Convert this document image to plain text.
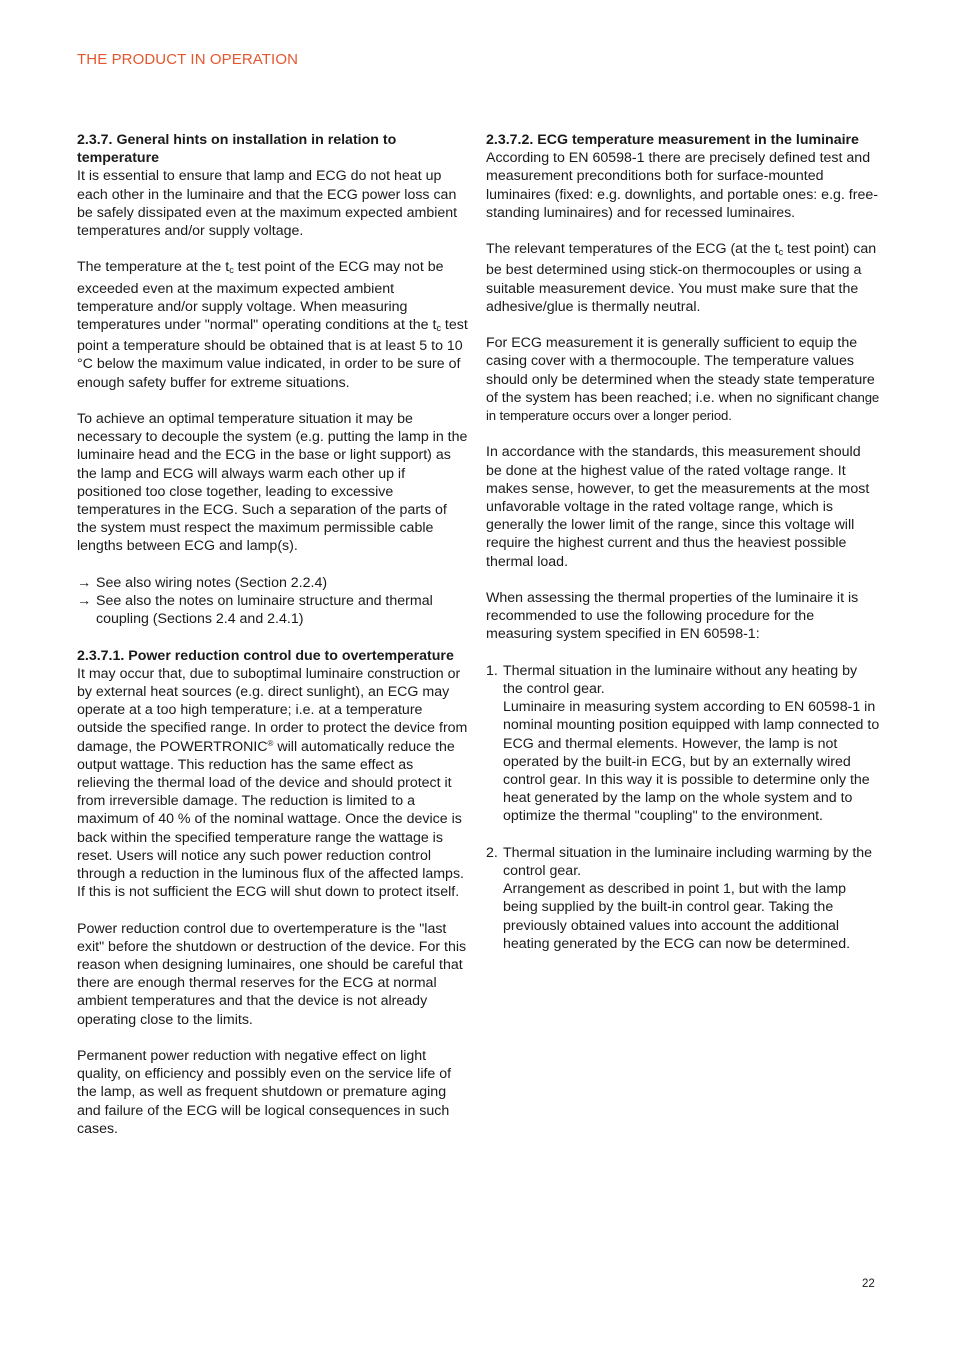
THE PRODUCT IN OPERATION
2.3.7. General hints on installation in relation to temperature

It is essential to ensure that lamp and ECG do not heat up each other in the luminaire and that the ECG power loss can be safely dissipated even at the maximum expected ambient temperatures and/or supply voltage.

The temperature at the $t_c$ test point of the ECG may not be exceeded even at the maximum expected ambient temperature and/or supply voltage. When measuring temperatures under "normal" operating conditions at the $t_c$ test point a temperature should be obtained that is at least 5 to 10 °C below the maximum value indicated, in order to be sure of enough safety buffer for extreme situations.

To achieve an optimal temperature situation it may be necessary to decouple the system (e.g. putting the lamp in the luminaire head and the ECG in the base or light support) as the lamp and ECG will always warm each other up if positioned too close together, leading to excessive temperatures in the ECG. Such a separation of the parts of the system must respect the maximum permissible cable lengths between ECG and lamp(s).

→ See also wiring notes (Section 2.2.4)
→ See also the notes on luminaire structure and thermal coupling (Sections 2.4 and 2.4.1)
2.3.7.1. Power reduction control due to overtemperature

It may occur that, due to suboptimal luminaire construction or by external heat sources (e.g. direct sunlight), an ECG may operate at a too high temperature; i.e. at a temperature outside the specified range. In order to protect the device from damage, the POWERTRONIC® will automatically reduce the output wattage. This reduction has the same effect as relieving the thermal load of the device and should protect it from irreversible damage. The reduction is limited to a maximum of 40 % of the nominal wattage. Once the device is back within the specified temperature range the wattage is reset. Users will notice any such power reduction control through a reduction in the luminous flux of the affected lamps. If this is not sufficient the ECG will shut down to protect itself.

Power reduction control due to overtemperature is the "last exit" before the shutdown or destruction of the device. For this reason when designing luminaires, one should be careful that there are enough thermal reserves for the ECG at normal ambient temperatures and that the device is not already operating close to the limits.

Permanent power reduction with negative effect on light quality, on efficiency and possibly even on the service life of the lamp, as well as frequent shutdown or premature aging and failure of the ECG will be logical consequences in such cases.

2.3.7.2. ECG temperature measurement in the luminaire

According to EN 60598-1 there are precisely defined test and measurement preconditions both for surface-mounted luminaires (fixed: e.g. downlights, and portable ones: e.g. free-standing luminaires) and for recessed luminaires.

The relevant temperatures of the ECG (at the $t_c$ test point) can be best determined using stick-on thermocouples or using a suitable measurement device. You must make sure that the adhesive/glue is thermally neutral.

For ECG measurement it is generally sufficient to equip the casing cover with a thermocouple. The temperature values should only be determined when the steady state temperature of the system has been reached; i.e. when no significant change in temperature occurs over a longer period.

In accordance with the standards, this measurement should be done at the highest value of the rated voltage range. It makes sense, however, to get the measurements at the most unfavorable voltage in the rated voltage range, which is generally the lower limit of the range, since this voltage will require the highest current and thus the heaviest possible thermal load.

When assessing the thermal properties of the luminaire it is recommended to use the following procedure for the measuring system specified in EN 60598-1:

1. Thermal situation in the luminaire without any heating by the control gear.
Luminaire in measuring system according to EN 60598-1 in nominal mounting position equipped with lamp connected to ECG and thermal elements. However, the lamp is not operated by the built-in ECG, but by an externally wired control gear. In this way it is possible to determine only the heat generated by the lamp on the whole system and to optimize the thermal "coupling" to the environment.
2. Thermal situation in the luminaire including warming by the control gear.
Arrangement as described in point 1, but with the lamp being supplied by the built-in control gear. Taking the previously obtained values into account the additional heating generated by the ECG can now be determined.
22
